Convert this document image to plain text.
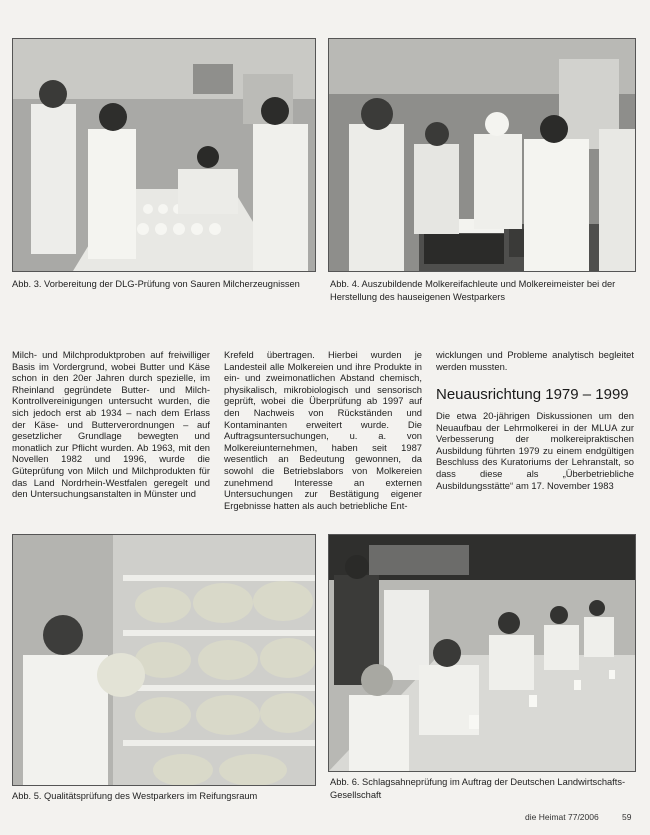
Abb. 3. Vorbereitung der DLG-Prüfung von Sauren Milcherzeugnissen	Abb. 4. Auszubildende Molkereifachleute und Molkereimeister bei der Herstellung des hauseigenen Westparkers

Milch- und Milchproduktproben auf freiwilliger Basis im Vordergrund, wobei Butter und Käse schon in den 20er Jahren durch spezielle, im Rheinland gegründete Butter- und Milch-Kontrollvereinigungen untersucht wurden, die sich jedoch erst ab 1934 – nach dem Erlass der Käse- und Butterverordnungen – auf gesetzlicher Grundlage bewegten und monatlich zur Pflicht wurden. Ab 1963, mit den Novellen 1982 und 1996, wurde die Güteprüfung von Milch und Milchprodukten für das Land Nordrhein-Westfalen geregelt und den Untersuchungsanstalten in Münster und

Krefeld übertragen. Hierbei wurden je Landesteil alle Molkereien und ihre Produkte in ein- und zweimonatlichen Abstand chemisch, physikalisch, mikrobiologisch und sensorisch geprüft, wobei die Überprüfung ab 1997 auf den Nachweis von Rückständen und Kontaminanten erweitert wurde. Die Auftragsuntersuchungen, u. a. von Molkereiunternehmen, haben seit 1987 wesentlich an Bedeutung gewonnen, da sowohl die Betriebslabors von Molkereien zunehmend Interesse an externen Untersuchungen zur Bestätigung eigener Ergebnisse hatten als auch betriebliche Ent-

wicklungen und Probleme analytisch begleitet werden mussten.

Neuausrichtung 1979 – 1999

Die etwa 20-jährigen Diskussionen um den Neuaufbau der Lehrmolkerei in der MLUA zur Verbesserung der molkereipraktischen Ausbildung führten 1979 zu einem endgültigen Beschluss des Kuratoriums der Lehranstalt, so dass diese als „Überbetriebliche Ausbildungsstätte“ am 17. November 1983

Abb. 5. Qualitätsprüfung des Westparkers im Reifungsraum
Abb. 6. Schlagsahneprüfung im Auftrag der Deutschen Landwirtschafts-Gesellschaft
die Heimat 77/2006	59
